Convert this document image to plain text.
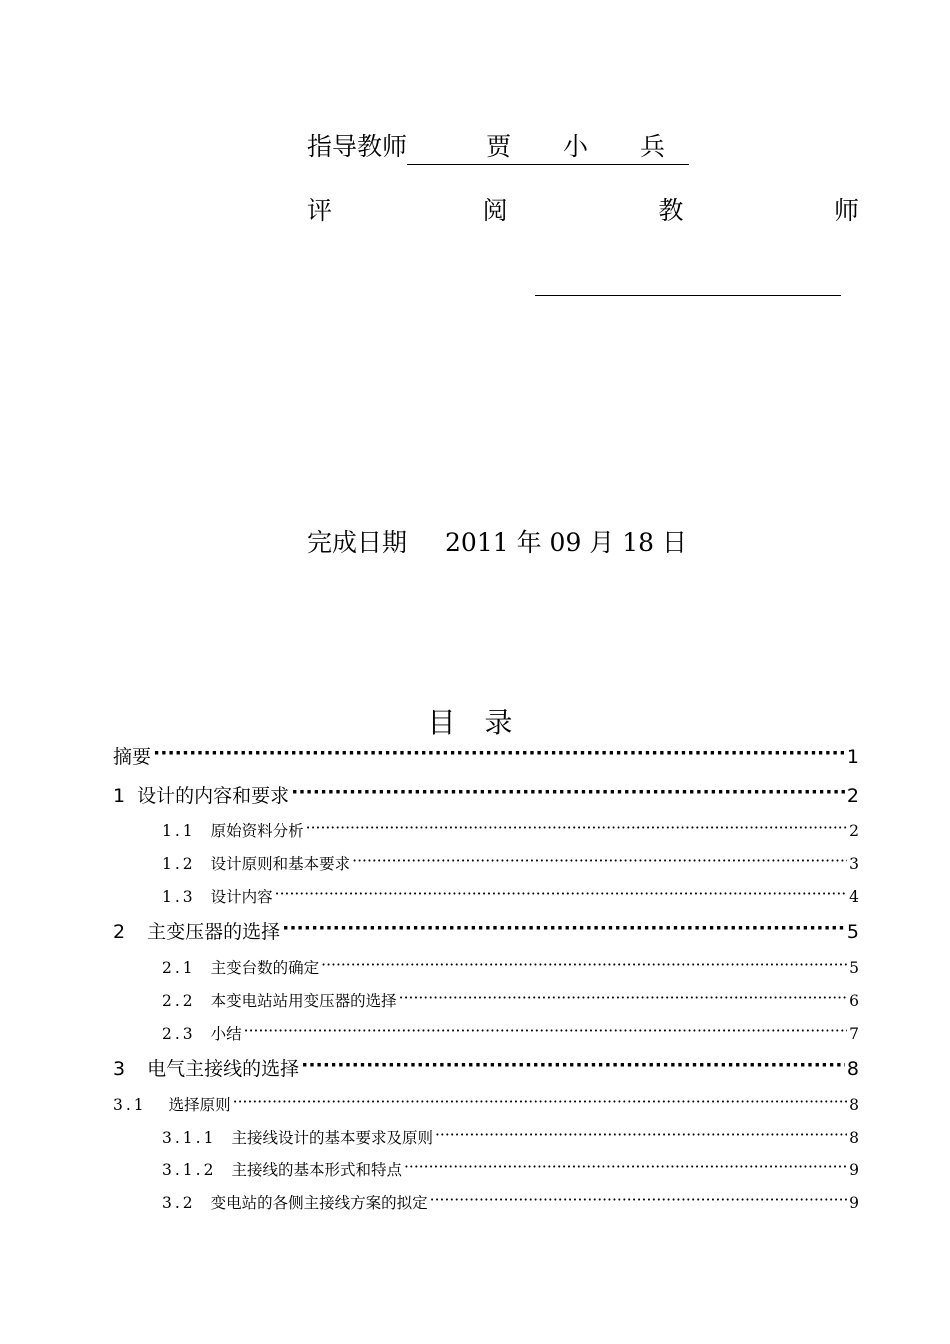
指导教师	贾 小 兵
评	阅	教	师
完成日期 2011 年 09 月 18 日
目 录
摘要 ·····	1
1 设计的内容和要求 ·····	2
1.1 原始资料分析 ·····	2
1.2 设计原则和基本要求 ·····	3
1.3 设计内容 ·····	4
2 主变压器的选择 ·····	5
2.1 主变台数的确定 ·····	5
2.2 本变电站站用变压器的选择 ·····	6
2.3 小结 ·····	7
3 电气主接线的选择 ·····	8
3.1 选择原则 ·····	8
3.1.1 主接线设计的基本要求及原则 ·····	8
3.1.2 主接线的基本形式和特点 ·····	9
3.2 变电站的各侧主接线方案的拟定 ·····	9
